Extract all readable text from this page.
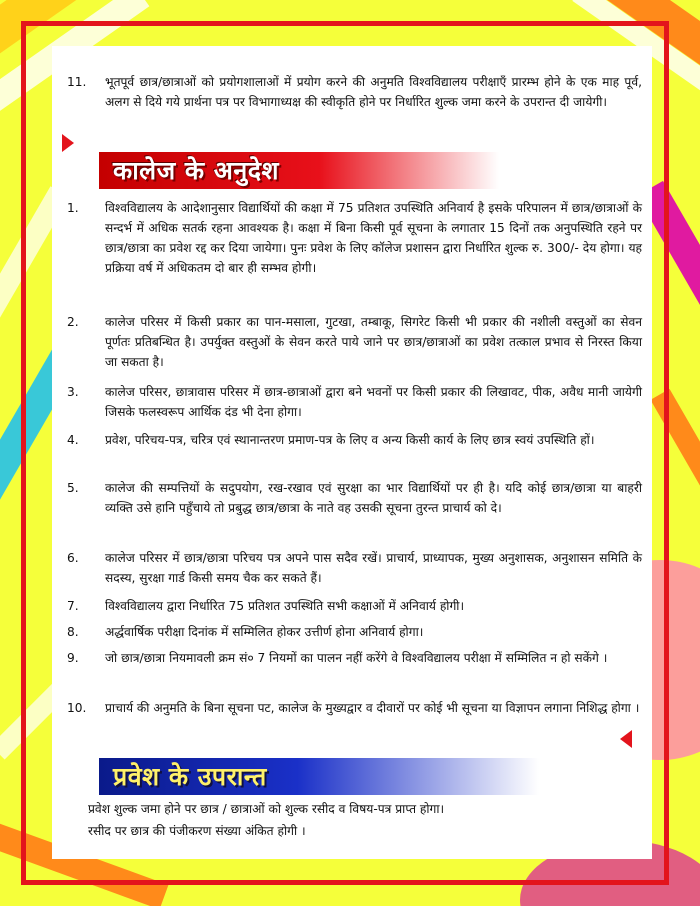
11.	भूतपूर्व छात्र/छात्राओं को प्रयोगशालाओं में प्रयोग करने की अनुमति विश्वविद्यालय परीक्षाएँ प्रारम्भ होने के एक माह पूर्व, अलग से दिये गये प्रार्थना पत्र पर विभागाध्यक्ष की स्वीकृति होने पर निर्धारित शुल्क जमा करने के उपरान्त दी जायेगी।
कालेज के अनुदेश
1.	विश्वविद्यालय के आदेशानुसार विद्यार्थियों की कक्षा में 75 प्रतिशत उपस्थिति अनिवार्य है इसके परिपालन में छात्र/छात्राओं के सन्दर्भ में अधिक सतर्क रहना आवश्यक है। कक्षा में बिना किसी पूर्व सूचना के लगातार 15 दिनों तक अनुपस्थिति रहने पर छात्र/छात्रा का प्रवेश रद्द कर दिया जायेगा। पुनः प्रवेश के लिए कॉलेज प्रशासन द्वारा निर्धारित शुल्क रु. 300/- देय होगा। यह प्रक्रिया वर्ष में अधिकतम दो बार ही सम्भव होगी।
2.	कालेज परिसर में किसी प्रकार का पान-मसाला, गुटखा, तम्बाकू, सिगरेट किसी भी प्रकार की नशीली वस्तुओं का सेवन पूर्णतः प्रतिबन्धित है। उपर्युक्त वस्तुओं के सेवन करते पाये जाने पर छात्र/छात्राओं का प्रवेश तत्काल प्रभाव से निरस्त किया जा सकता है।
3.	कालेज परिसर, छात्रावास परिसर में छात्र-छात्राओं द्वारा बने भवनों पर किसी प्रकार की लिखावट, पीक, अवैध मानी जायेगी जिसके फलस्वरूप आर्थिक दंड भी देना होगा।
4.	प्रवेश, परिचय-पत्र, चरित्र एवं स्थानान्तरण प्रमाण-पत्र के लिए व अन्य किसी कार्य के लिए छात्र स्वयं उपस्थिति हों।
5.	कालेज की सम्पत्तियों के सदुपयोग, रख-रखाव एवं सुरक्षा का भार विद्यार्थियों पर ही है। यदि कोई छात्र/छात्रा या बाहरी व्यक्ति उसे हानि पहुँचाये तो प्रबुद्ध छात्र/छात्रा के नाते वह उसकी सूचना तुरन्त प्राचार्य को दे।
6.	कालेज परिसर में छात्र/छात्रा परिचय पत्र अपने पास सदैव रखें। प्राचार्य, प्राध्यापक, मुख्य अनुशासक, अनुशासन समिति के सदस्य, सुरक्षा गार्ड किसी समय चैक कर सकते हैं।
7.	विश्वविद्यालय द्वारा निर्धारित 75 प्रतिशत उपस्थिति सभी कक्षाओं में अनिवार्य होगी।
8.	अर्द्धवार्षिक परीक्षा दिनांक में सम्मिलित होकर उत्तीर्ण होना अनिवार्य होगा।
9.	जो छात्र/छात्रा नियमावली क्रम सं० 7 नियमों का पालन नहीं करेंगे वे विश्वविद्यालय परीक्षा में सम्मिलित न हो सकेंगे ।
10.	प्राचार्य की अनुमति के बिना सूचना पट, कालेज के मुख्यद्वार व दीवारों पर कोई भी सूचना या विज्ञापन लगाना निशिद्ध होगा ।
प्रवेश के उपरान्त
प्रवेश शुल्क जमा होने पर छात्र / छात्राओं को शुल्क रसीद व विषय-पत्र प्राप्त होगा।
रसीद पर छात्र की पंजीकरण संख्या अंकित होगी ।
